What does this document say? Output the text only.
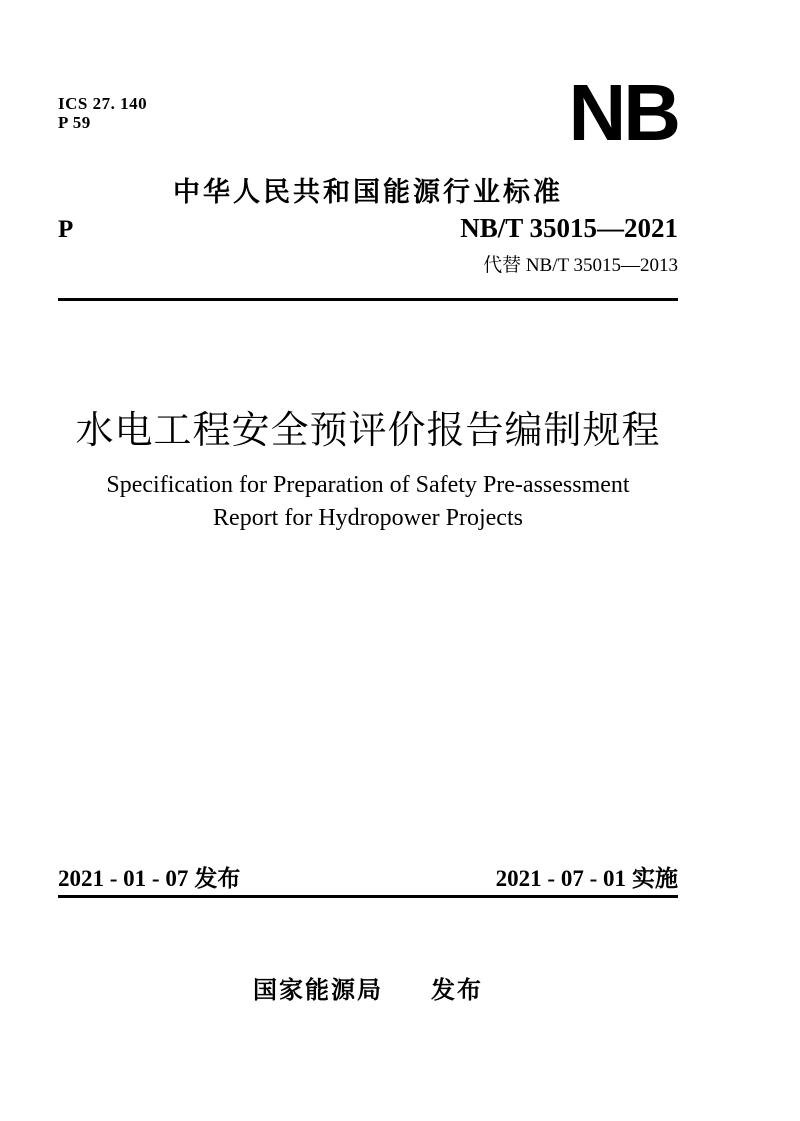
ICS 27. 140
P 59	NB
中华人民共和国能源行业标准
P	NB/T 35015—2021
代替 NB/T 35015—2013
水电工程安全预评价报告编制规程
Specification for Preparation of Safety Pre-assessment
Report for Hydropower Projects
2021 - 01 - 07 发布	2021 - 07 - 01 实施
国家能源局 发布
